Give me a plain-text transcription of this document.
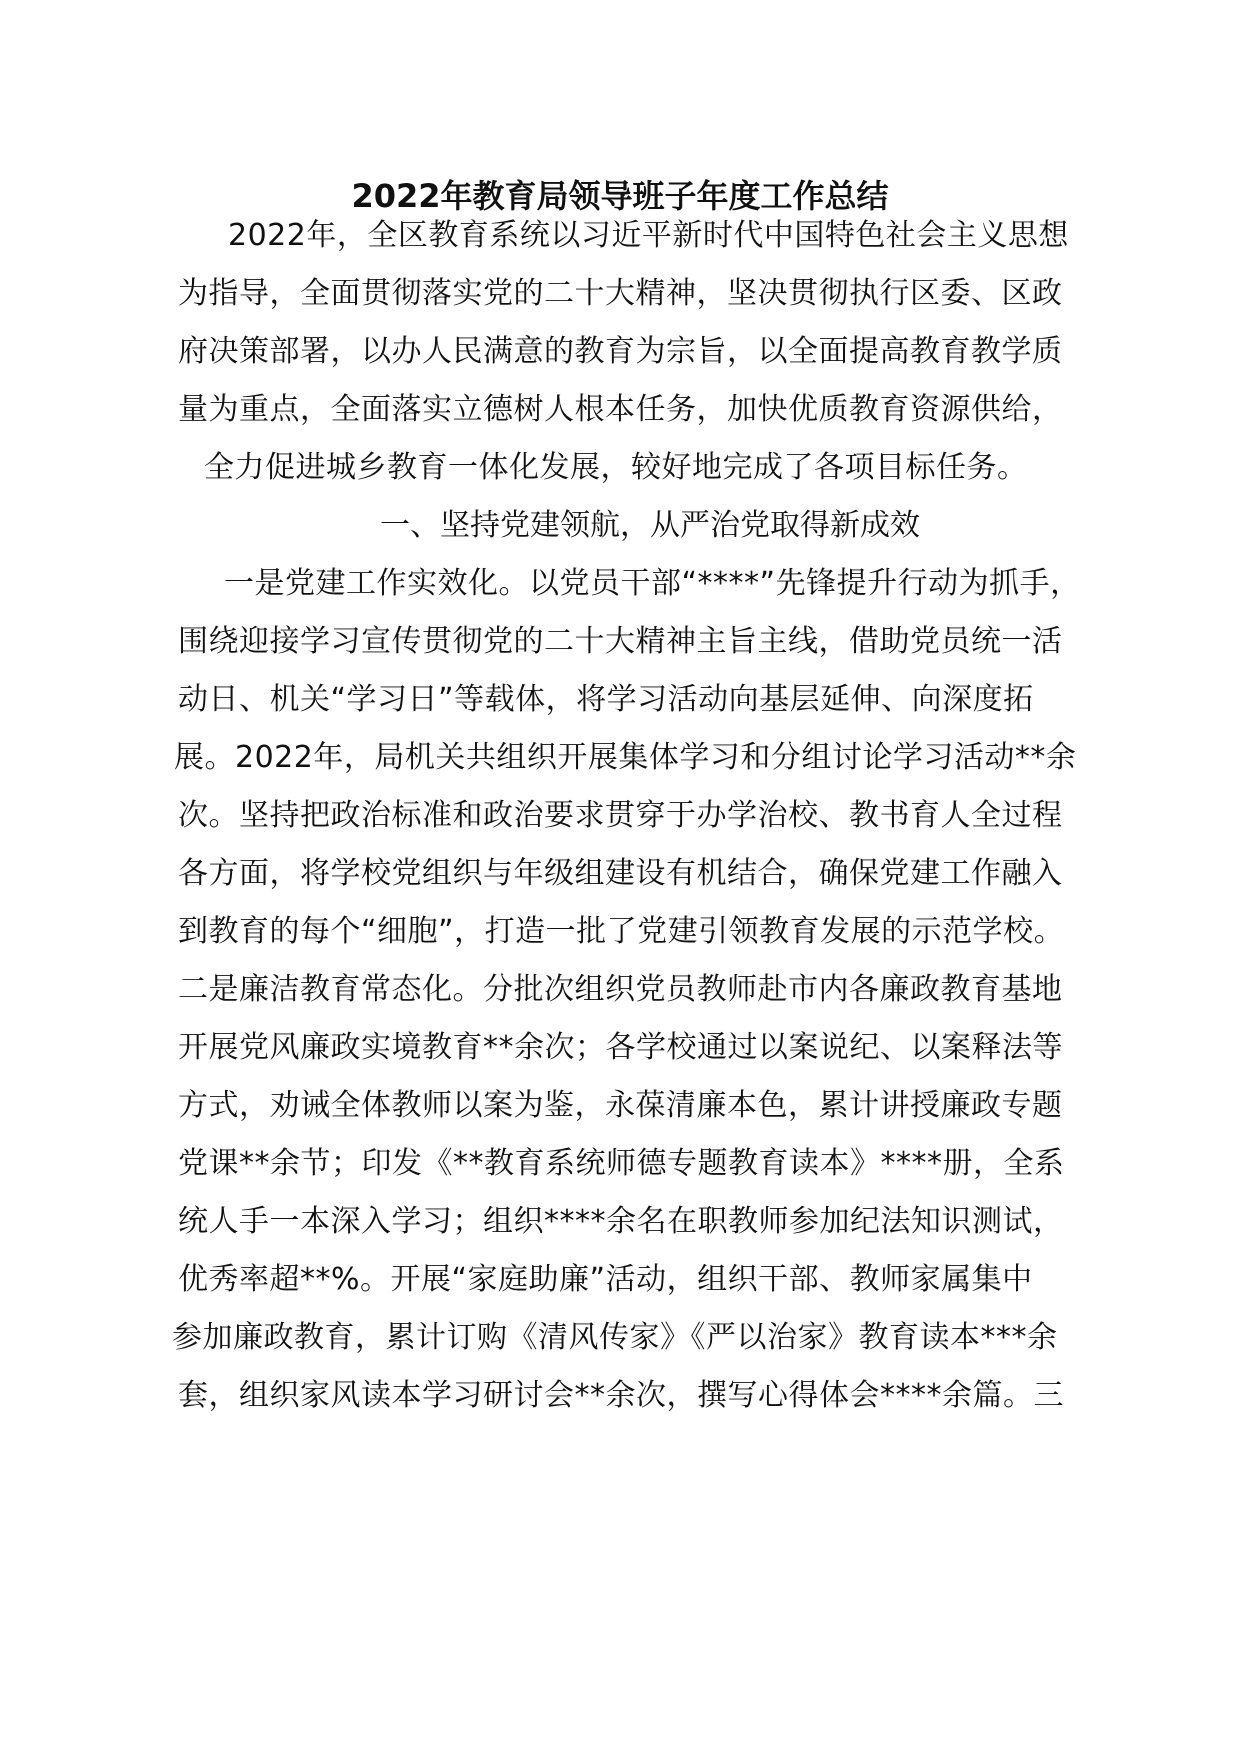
2022年教育局领导班子年度工作总结
2022年，全区教育系统以习近平新时代中国特色社会主义思想
为指导，全面贯彻落实党的二十大精神，坚决贯彻执行区委、区政
府决策部署，以办人民满意的教育为宗旨，以全面提高教育教学质
量为重点，全面落实立德树人根本任务，加快优质教育资源供给，
全力促进城乡教育一体化发展，较好地完成了各项目标任务。
一、坚持党建领航，从严治党取得新成效
一是党建工作实效化。以党员干部“****”先锋提升行动为抓手，
围绕迎接学习宣传贯彻党的二十大精神主旨主线，借助党员统一活
动日、机关“学习日”等载体，将学习活动向基层延伸、向深度拓
展。2022年，局机关共组织开展集体学习和分组讨论学习活动**余
次。坚持把政治标准和政治要求贯穿于办学治校、教书育人全过程
各方面，将学校党组织与年级组建设有机结合，确保党建工作融入
到教育的每个“细胞”，打造一批了党建引领教育发展的示范学校。
二是廉洁教育常态化。分批次组织党员教师赴市内各廉政教育基地
开展党风廉政实境教育**余次；各学校通过以案说纪、以案释法等
方式，劝诫全体教师以案为鉴，永葆清廉本色，累计讲授廉政专题
党课**余节；印发《**教育系统师德专题教育读本》****册，全系
统人手一本深入学习；组织****余名在职教师参加纪法知识测试，
优秀率超**%。开展“家庭助廉”活动，组织干部、教师家属集中
参加廉政教育，累计订购《清风传家》《严以治家》教育读本***余
套，组织家风读本学习研讨会**余次，撰写心得体会****余篇。三
